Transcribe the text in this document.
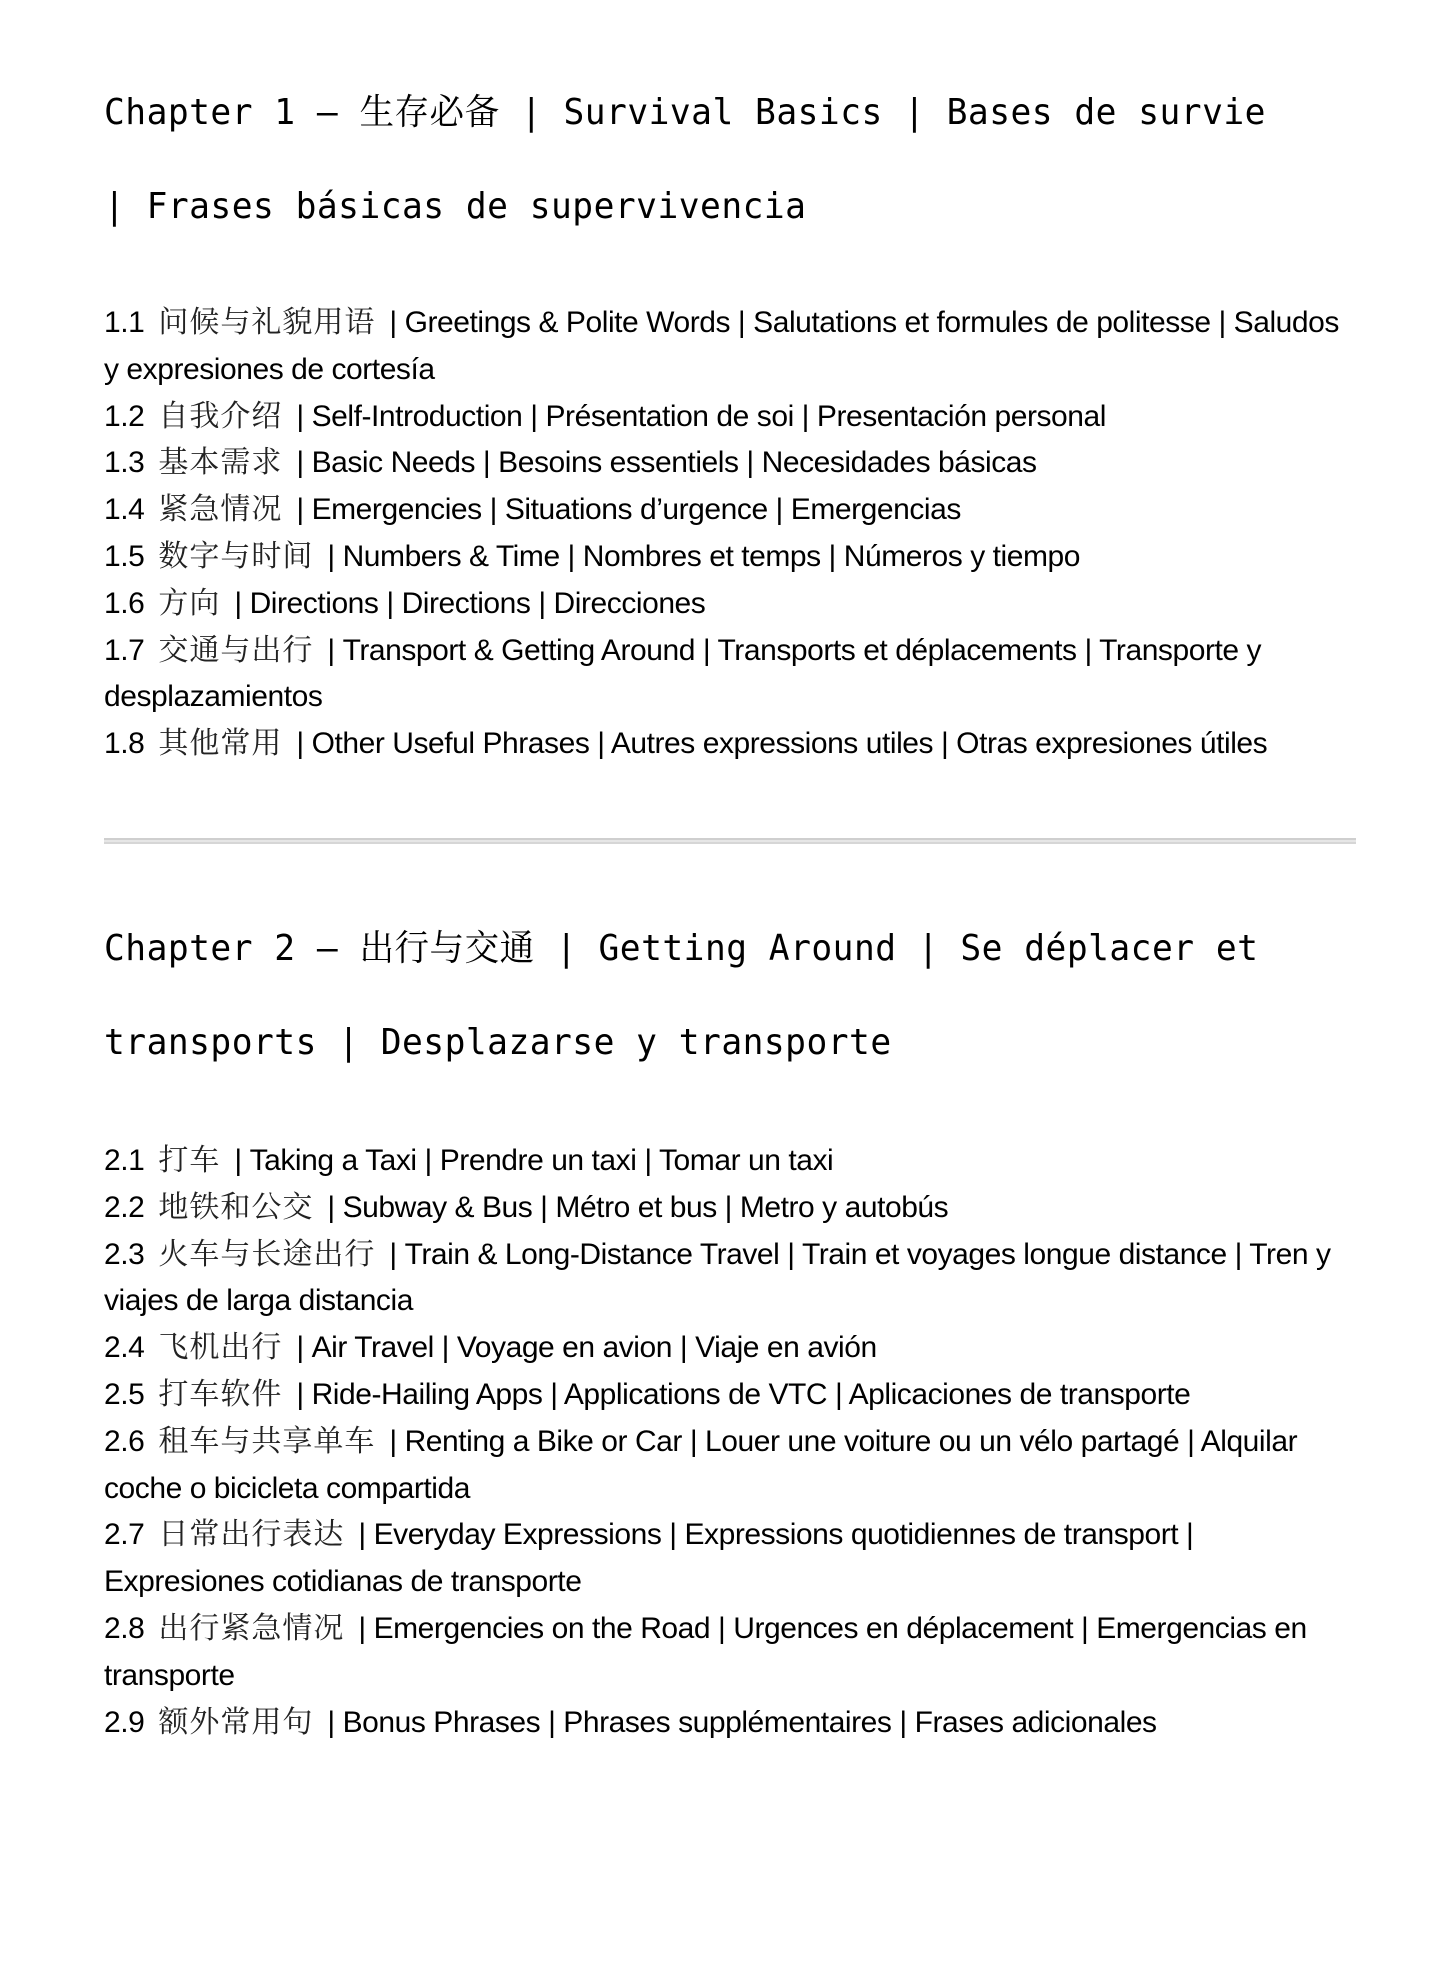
Chapter 1 – 生存必备 | Survival Basics | Bases de survie | Frases básicas de supervivencia
1.1 问候与礼貌用语 | Greetings & Polite Words | Salutations et formules de politesse | Saludos y expresiones de cortesía
1.2 自我介绍 | Self-Introduction | Présentation de soi | Presentación personal
1.3 基本需求 | Basic Needs | Besoins essentiels | Necesidades básicas
1.4 紧急情况 | Emergencies | Situations d’urgence | Emergencias
1.5 数字与时间 | Numbers & Time | Nombres et temps | Números y tiempo
1.6 方向 | Directions | Directions | Direcciones
1.7 交通与出行 | Transport & Getting Around | Transports et déplacements | Transporte y desplazamientos
1.8 其他常用 | Other Useful Phrases | Autres expressions utiles | Otras expresiones útiles
Chapter 2 – 出行与交通 | Getting Around | Se déplacer et transports | Desplazarse y transporte
2.1 打车 | Taking a Taxi | Prendre un taxi | Tomar un taxi
2.2 地铁和公交 | Subway & Bus | Métro et bus | Metro y autobús
2.3 火车与长途出行 | Train & Long-Distance Travel | Train et voyages longue distance | Tren y viajes de larga distancia
2.4 飞机出行 | Air Travel | Voyage en avion | Viaje en avión
2.5 打车软件 | Ride-Hailing Apps | Applications de VTC | Aplicaciones de transporte
2.6 租车与共享单车 | Renting a Bike or Car | Louer une voiture ou un vélo partagé | Alquilar coche o bicicleta compartida
2.7 日常出行表达 | Everyday Expressions | Expressions quotidiennes de transport | Expresiones cotidianas de transporte
2.8 出行紧急情况 | Emergencies on the Road | Urgences en déplacement | Emergencias en transporte
2.9 额外常用句 | Bonus Phrases | Phrases supplémentaires | Frases adicionales
